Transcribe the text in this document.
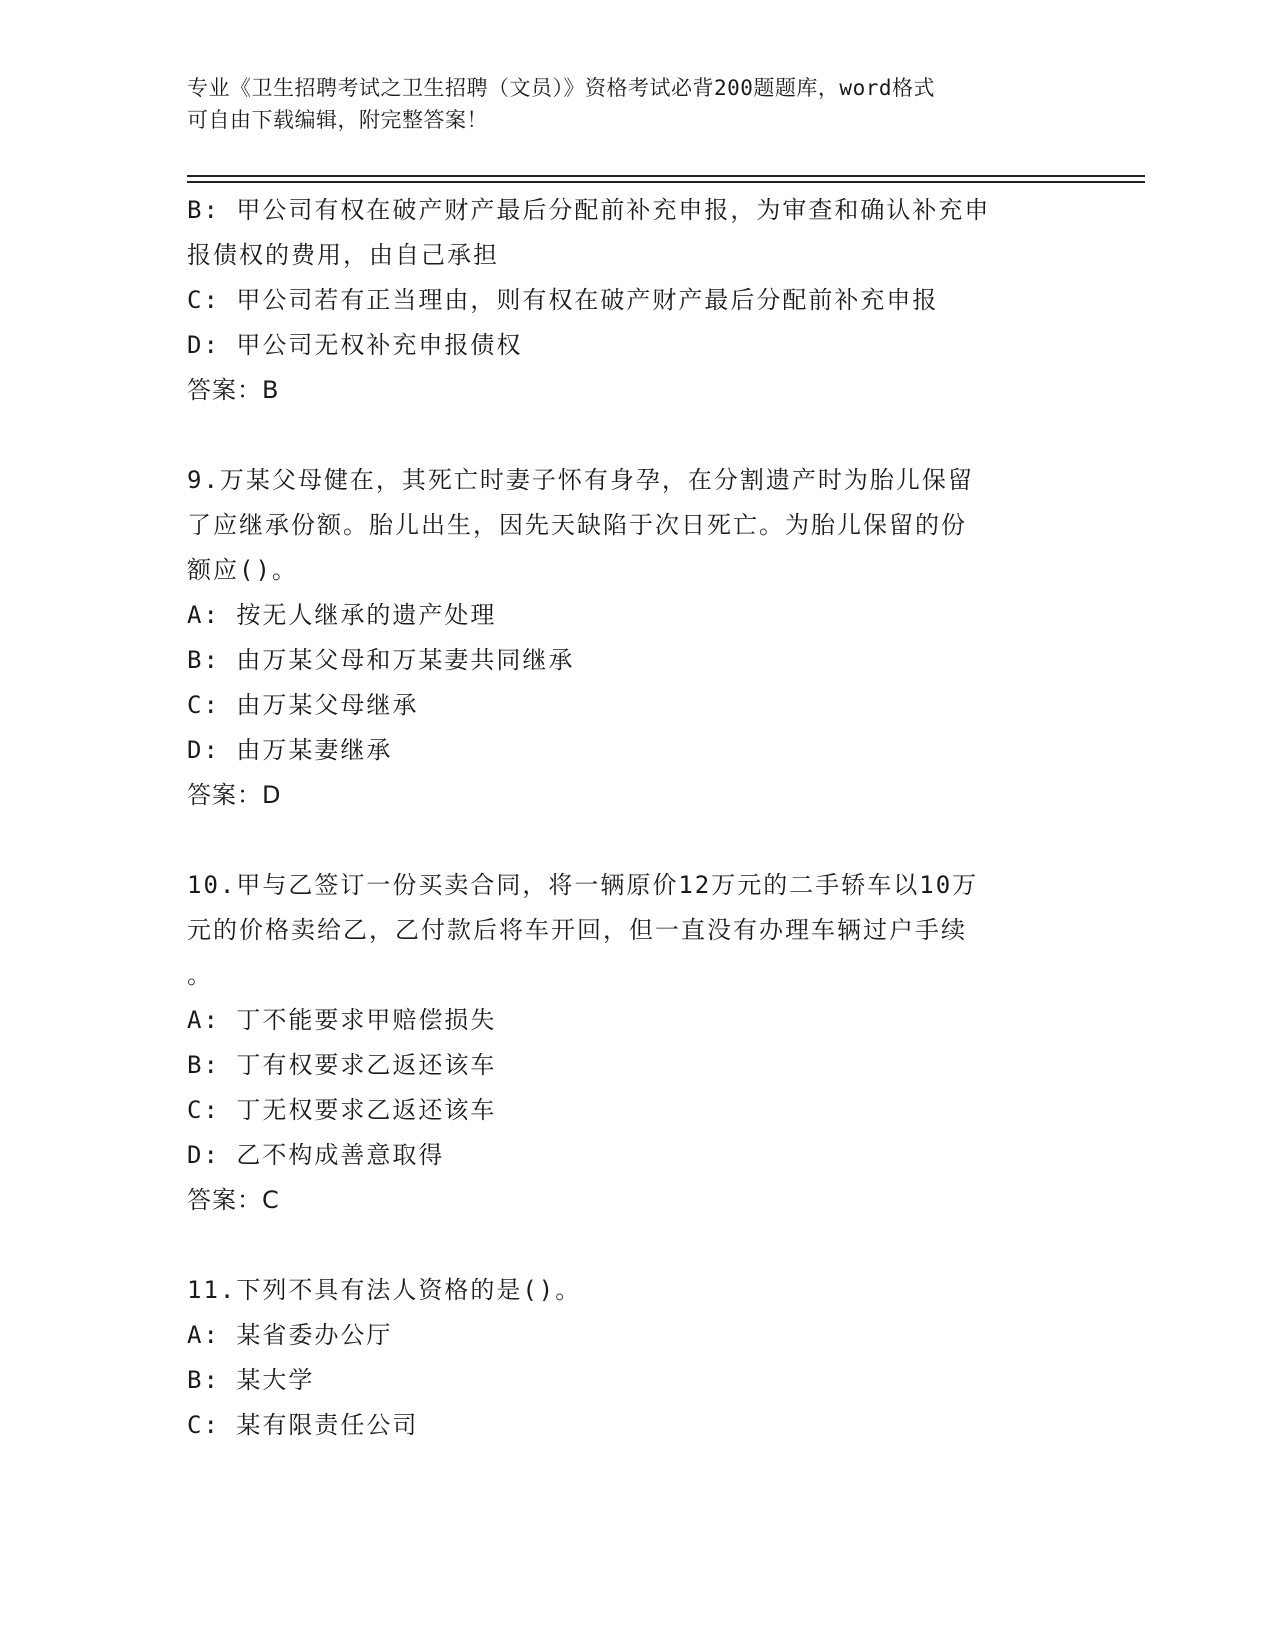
专业《卫生招聘考试之卫生招聘（文员）》资格考试必背200题题库，word格式
可自由下载编辑，附完整答案！
B: 甲公司有权在破产财产最后分配前补充申报，为审查和确认补充申
报债权的费用，由自己承担
C: 甲公司若有正当理由，则有权在破产财产最后分配前补充申报
D: 甲公司无权补充申报债权
答案：B
9.万某父母健在，其死亡时妻子怀有身孕，在分割遗产时为胎儿保留
了应继承份额。胎儿出生，因先天缺陷于次日死亡。为胎儿保留的份
额应()。
A: 按无人继承的遗产处理
B: 由万某父母和万某妻共同继承
C: 由万某父母继承
D: 由万某妻继承
答案：D
10.甲与乙签订一份买卖合同，将一辆原价12万元的二手轿车以10万
元的价格卖给乙，乙付款后将车开回，但一直没有办理车辆过户手续
。
A: 丁不能要求甲赔偿损失
B: 丁有权要求乙返还该车
C: 丁无权要求乙返还该车
D: 乙不构成善意取得
答案：C
11.下列不具有法人资格的是()。
A: 某省委办公厅
B: 某大学
C: 某有限责任公司
